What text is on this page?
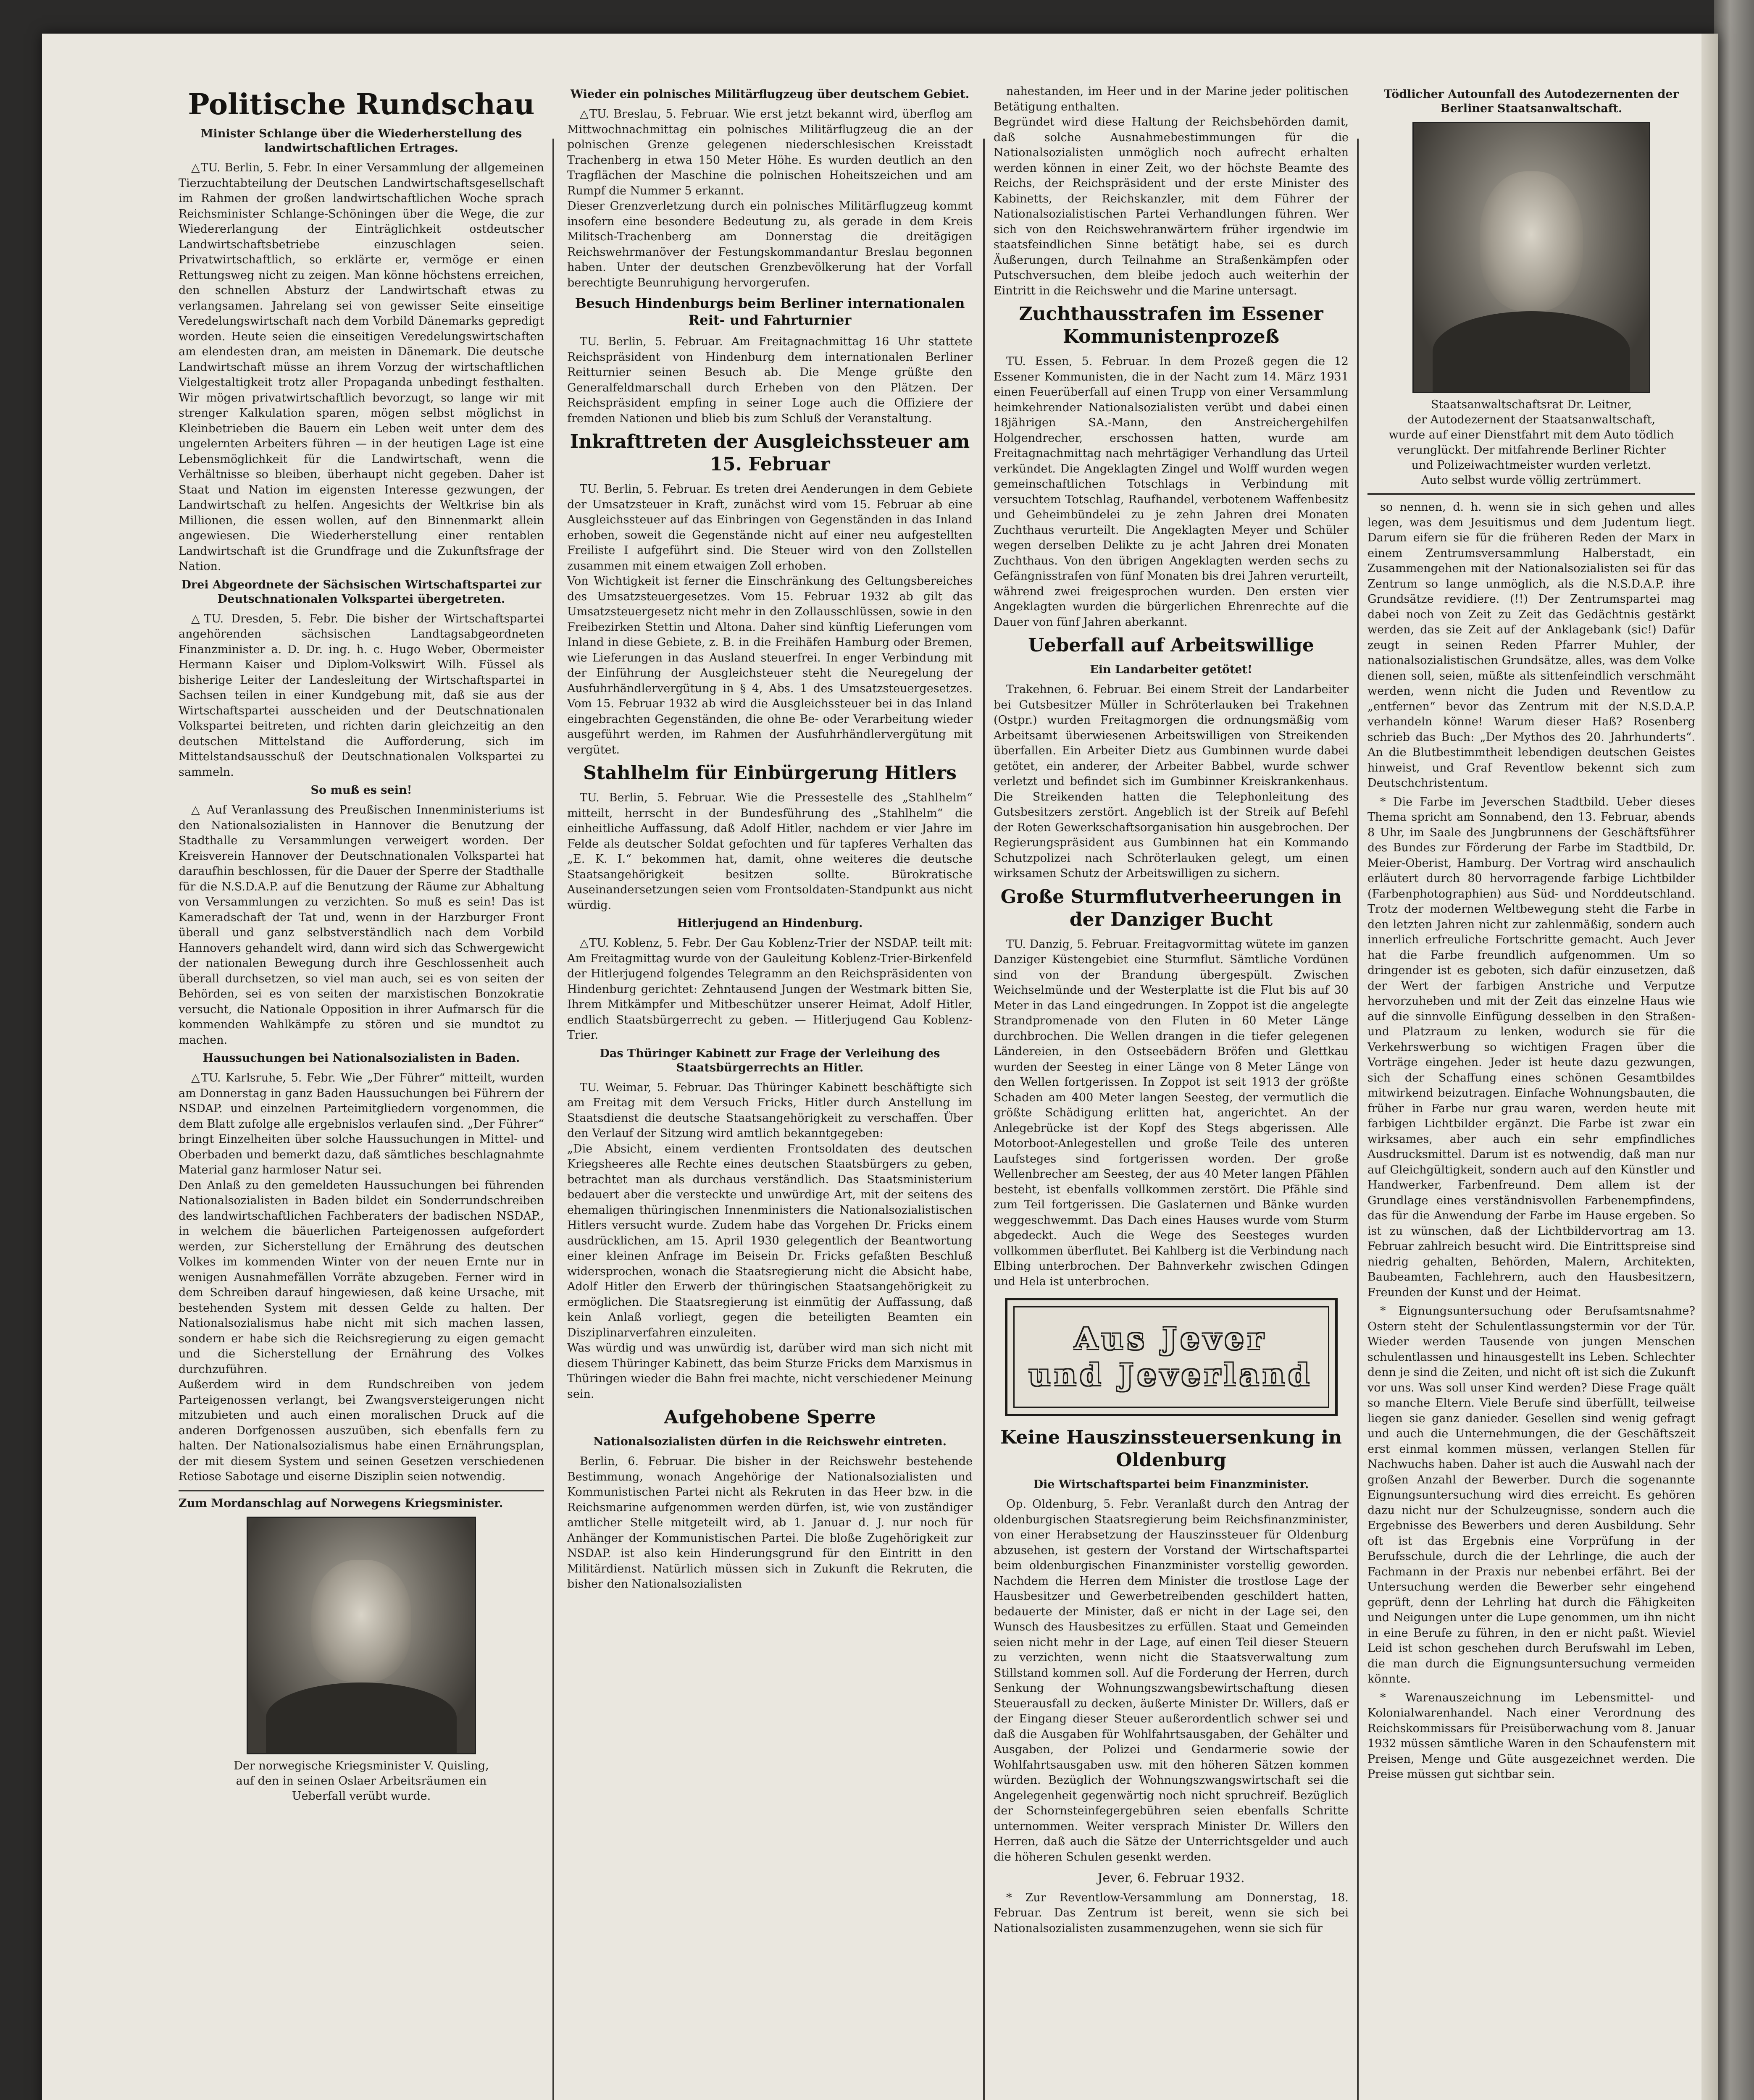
Politische Rundschau
Minister Schlange über die Wiederherstellung des landwirtschaftlichen Ertrages.
△TU. Berlin, 5. Febr. In einer Versammlung der allgemeinen Tierzuchtabteilung der Deutschen Landwirtschaftsgesellschaft im Rahmen der großen landwirtschaftlichen Woche sprach Reichsminister Schlange-Schöningen über die Wege, die zur Wiedererlangung der Einträglichkeit ostdeutscher Landwirtschaftsbetriebe einzuschlagen seien. Privatwirtschaftlich, so erklärte er, vermöge er einen Rettungsweg nicht zu zeigen. Man könne höchstens erreichen, den schnellen Absturz der Landwirtschaft etwas zu verlangsamen. Jahrelang sei von gewisser Seite einseitige Veredelungswirtschaft nach dem Vorbild Dänemarks gepredigt worden. Heute seien die einseitigen Veredelungswirtschaften am elendesten dran, am meisten in Dänemark. Die deutsche Landwirtschaft müsse an ihrem Vorzug der wirtschaftlichen Vielgestaltigkeit trotz aller Propaganda unbedingt festhalten. Wir mögen privatwirtschaftlich bevorzugt, so lange wir mit strenger Kalkulation sparen, mögen selbst möglichst in Kleinbetrieben die Bauern ein Leben weit unter dem des ungelernten Arbeiters führen — in der heutigen Lage ist eine Lebensmöglichkeit für die Landwirtschaft, wenn die Verhältnisse so bleiben, überhaupt nicht gegeben. Daher ist Staat und Nation im eigensten Interesse gezwungen, der Landwirtschaft zu helfen. Angesichts der Weltkrise bin als Millionen, die essen wollen, auf den Binnenmarkt allein angewiesen. Die Wiederherstellung einer rentablen Landwirtschaft ist die Grundfrage und die Zukunftsfrage der Nation.
Drei Abgeordnete der Sächsischen Wirtschaftspartei zur Deutschnationalen Volkspartei übergetreten.
△TU. Dresden, 5. Febr. Die bisher der Wirtschaftspartei angehörenden sächsischen Landtagsabgeordneten Finanzminister a. D. Dr. ing. h. c. Hugo Weber, Obermeister Hermann Kaiser und Diplom-Volkswirt Wilh. Füssel als bisherige Leiter der Landesleitung der Wirtschaftspartei in Sachsen teilen in einer Kundgebung mit, daß sie aus der Wirtschaftspartei ausscheiden und der Deutschnationalen Volkspartei beitreten, und richten darin gleichzeitig an den deutschen Mittelstand die Aufforderung, sich im Mittelstandsausschuß der Deutschnationalen Volkspartei zu sammeln.
So muß es sein!
△ Auf Veranlassung des Preußischen Innenministeriums ist den Nationalsozialisten in Hannover die Benutzung der Stadthalle zu Versammlungen verweigert worden. Der Kreisverein Hannover der Deutschnationalen Volkspartei hat daraufhin beschlossen, für die Dauer der Sperre der Stadthalle für die N.S.D.A.P. auf die Benutzung der Räume zur Abhaltung von Versammlungen zu verzichten. So muß es sein! Das ist Kameradschaft der Tat und, wenn in der Harzburger Front überall und ganz selbstverständlich nach dem Vorbild Hannovers gehandelt wird, dann wird sich das Schwergewicht der nationalen Bewegung durch ihre Geschlossenheit auch überall durchsetzen, so viel man auch, sei es von seiten der Behörden, sei es von seiten der marxistischen Bonzokratie versucht, die Nationale Opposition in ihrer Aufmarsch für die kommenden Wahlkämpfe zu stören und sie mundtot zu machen.
Haussuchungen bei Nationalsozialisten in Baden.
△TU. Karlsruhe, 5. Febr. Wie „Der Führer“ mitteilt, wurden am Donnerstag in ganz Baden Haussuchungen bei Führern der NSDAP. und einzelnen Parteimitgliedern vorgenommen, die dem Blatt zufolge alle ergebnislos verlaufen sind. „Der Führer“ bringt Einzelheiten über solche Haussuchungen in Mittel- und Oberbaden und bemerkt dazu, daß sämtliches beschlagnahmte Material ganz harmloser Natur sei.
Den Anlaß zu den gemeldeten Haussuchungen bei führenden Nationalsozialisten in Baden bildet ein Sonderrundschreiben des landwirtschaftlichen Fachberaters der badischen NSDAP., in welchem die bäuerlichen Parteigenossen aufgefordert werden, zur Sicherstellung der Ernährung des deutschen Volkes im kommenden Winter von der neuen Ernte nur in wenigen Ausnahmefällen Vorräte abzugeben. Ferner wird in dem Schreiben darauf hingewiesen, daß keine Ursache, mit bestehenden System mit dessen Gelde zu halten. Der Nationalsozialismus habe nicht mit sich machen lassen, sondern er habe sich die Reichsregierung zu eigen gemacht und die Sicherstellung der Ernährung des Volkes durchzuführen.
Außerdem wird in dem Rundschreiben von jedem Parteigenossen verlangt, bei Zwangsversteigerungen nicht mitzubieten und auch einen moralischen Druck auf die anderen Dorfgenossen auszuüben, sich ebenfalls fern zu halten. Der Nationalsozialismus habe einen Ernährungsplan, der mit diesem System und seinen Gesetzen verschiedenen Retiose Sabotage und eiserne Disziplin seien notwendig.
Zum Mordanschlag auf Norwegens Kriegsminister.
Der norwegische Kriegsminister V. Quisling,
auf den in seinen Oslaer Arbeitsräumen ein
Ueberfall verübt wurde.
Wieder ein polnisches Militärflugzeug über deutschem Gebiet.
△TU. Breslau, 5. Februar. Wie erst jetzt bekannt wird, überflog am Mittwochnachmittag ein polnisches Militärflugzeug die an der polnischen Grenze gelegenen niederschlesischen Kreisstadt Trachenberg in etwa 150 Meter Höhe. Es wurden deutlich an den Tragflächen der Maschine die polnischen Hoheitszeichen und am Rumpf die Nummer 5 erkannt.
Dieser Grenzverletzung durch ein polnisches Militärflugzeug kommt insofern eine besondere Bedeutung zu, als gerade in dem Kreis Militsch-Trachenberg am Donnerstag die dreitägigen Reichswehrmanöver der Festungskommandantur Breslau begonnen haben. Unter der deutschen Grenzbevölkerung hat der Vorfall berechtigte Beunruhigung hervorgerufen.
Besuch Hindenburgs beim Berliner internationalen Reit- und Fahrturnier
TU. Berlin, 5. Februar. Am Freitagnachmittag 16 Uhr stattete Reichspräsident von Hindenburg dem internationalen Berliner Reitturnier seinen Besuch ab. Die Menge grüßte den Generalfeldmarschall durch Erheben von den Plätzen. Der Reichspräsident empfing in seiner Loge auch die Offiziere der fremden Nationen und blieb bis zum Schluß der Veranstaltung.
Inkrafttreten der Ausgleichssteuer am 15. Februar
TU. Berlin, 5. Februar. Es treten drei Aenderungen in dem Gebiete der Umsatzsteuer in Kraft, zunächst wird vom 15. Februar ab eine Ausgleichssteuer auf das Einbringen von Gegenständen in das Inland erhoben, soweit die Gegenstände nicht auf einer neu aufgestellten Freiliste I aufgeführt sind. Die Steuer wird von den Zollstellen zusammen mit einem etwaigen Zoll erhoben.
Von Wichtigkeit ist ferner die Einschränkung des Geltungsbereiches des Umsatzsteuergesetzes. Vom 15. Februar 1932 ab gilt das Umsatzsteuergesetz nicht mehr in den Zollausschlüssen, sowie in den Freibezirken Stettin und Altona. Daher sind künftig Lieferungen vom Inland in diese Gebiete, z. B. in die Freihäfen Hamburg oder Bremen, wie Lieferungen in das Ausland steuerfrei. In enger Verbindung mit der Einführung der Ausgleichsteuer steht die Neuregelung der Ausfuhrhändlervergütung in § 4, Abs. 1 des Umsatzsteuergesetzes. Vom 15. Februar 1932 ab wird die Ausgleichssteuer bei in das Inland eingebrachten Gegenständen, die ohne Be- oder Verarbeitung wieder ausgeführt werden, im Rahmen der Ausfuhrhändlervergütung mit vergütet.
Stahlhelm für Einbürgerung Hitlers
TU. Berlin, 5. Februar. Wie die Pressestelle des „Stahlhelm“ mitteilt, herrscht in der Bundesführung des „Stahlhelm“ die einheitliche Auffassung, daß Adolf Hitler, nachdem er vier Jahre im Felde als deutscher Soldat gefochten und für tapferes Verhalten das „E. K. I.“ bekommen hat, damit, ohne weiteres die deutsche Staatsangehörigkeit besitzen sollte. Bürokratische Auseinandersetzungen seien vom Frontsoldaten-Standpunkt aus nicht würdig.
Hitlerjugend an Hindenburg.
△TU. Koblenz, 5. Febr. Der Gau Koblenz-Trier der NSDAP. teilt mit: Am Freitagmittag wurde von der Gauleitung Koblenz-Trier-Birkenfeld der Hitlerjugend folgendes Telegramm an den Reichspräsidenten von Hindenburg gerichtet: Zehntausend Jungen der Westmark bitten Sie, Ihrem Mitkämpfer und Mitbeschützer unserer Heimat, Adolf Hitler, endlich Staatsbürgerrecht zu geben. — Hitlerjugend Gau Koblenz-Trier.
Das Thüringer Kabinett zur Frage der Verleihung des Staatsbürgerrechts an Hitler.
TU. Weimar, 5. Februar. Das Thüringer Kabinett beschäftigte sich am Freitag mit dem Versuch Fricks, Hitler durch Anstellung im Staatsdienst die deutsche Staatsangehörigkeit zu verschaffen. Über den Verlauf der Sitzung wird amtlich bekanntgegeben:
„Die Absicht, einem verdienten Frontsoldaten des deutschen Kriegsheeres alle Rechte eines deutschen Staatsbürgers zu geben, betrachtet man als durchaus verständlich. Das Staatsministerium bedauert aber die versteckte und unwürdige Art, mit der seitens des ehemaligen thüringischen Innenministers die Nationalsozialistischen Hitlers versucht wurde. Zudem habe das Vorgehen Dr. Fricks einem ausdrücklichen, am 15. April 1930 gelegentlich der Beantwortung einer kleinen Anfrage im Beisein Dr. Fricks gefaßten Beschluß widersprochen, wonach die Staatsregierung nicht die Absicht habe, Adolf Hitler den Erwerb der thüringischen Staatsangehörigkeit zu ermöglichen. Die Staatsregierung ist einmütig der Auffassung, daß kein Anlaß vorliegt, gegen die beteiligten Beamten ein Disziplinarverfahren einzuleiten.
Was würdig und was unwürdig ist, darüber wird man sich nicht mit diesem Thüringer Kabinett, das beim Sturze Fricks dem Marxismus in Thüringen wieder die Bahn frei machte, nicht verschiedener Meinung sein.
Aufgehobene Sperre
Nationalsozialisten dürfen in die Reichswehr eintreten.
Berlin, 6. Februar. Die bisher in der Reichswehr bestehende Bestimmung, wonach Angehörige der Nationalsozialisten und Kommunistischen Partei nicht als Rekruten in das Heer bzw. in die Reichsmarine aufgenommen werden dürfen, ist, wie von zuständiger amtlicher Stelle mitgeteilt wird, ab 1. Januar d. J. nur noch für Anhänger der Kommunistischen Partei. Die bloße Zugehörigkeit zur NSDAP. ist also kein Hinderungsgrund für den Eintritt in den Militärdienst. Natürlich müssen sich in Zukunft die Rekruten, die bisher den Nationalsozialisten
nahestanden, im Heer und in der Marine jeder politischen Betätigung enthalten.
Begründet wird diese Haltung der Reichsbehörden damit, daß solche Ausnahmebestimmungen für die Nationalsozialisten unmöglich noch aufrecht erhalten werden können in einer Zeit, wo der höchste Beamte des Reichs, der Reichspräsident und der erste Minister des Kabinetts, der Reichskanzler, mit dem Führer der Nationalsozialistischen Partei Verhandlungen führen. Wer sich von den Reichswehranwärtern früher irgendwie im staatsfeindlichen Sinne betätigt habe, sei es durch Äußerungen, durch Teilnahme an Straßenkämpfen oder Putschversuchen, dem bleibe jedoch auch weiterhin der Eintritt in die Reichswehr und die Marine untersagt.
Zuchthausstrafen im Essener Kommunistenprozeß
TU. Essen, 5. Februar. In dem Prozeß gegen die 12 Essener Kommunisten, die in der Nacht zum 14. März 1931 einen Feuerüberfall auf einen Trupp von einer Versammlung heimkehrender Nationalsozialisten verübt und dabei einen 18jährigen SA.-Mann, den Anstreichergehilfen Holgendrecher, erschossen hatten, wurde am Freitagnachmittag nach mehrtägiger Verhandlung das Urteil verkündet. Die Angeklagten Zingel und Wolff wurden wegen gemeinschaftlichen Totschlags in Verbindung mit versuchtem Totschlag, Raufhandel, verbotenem Waffenbesitz und Geheimbündelei zu je zehn Jahren drei Monaten Zuchthaus verurteilt. Die Angeklagten Meyer und Schüler wegen derselben Delikte zu je acht Jahren drei Monaten Zuchthaus. Von den übrigen Angeklagten werden sechs zu Gefängnisstrafen von fünf Monaten bis drei Jahren verurteilt, während zwei freigesprochen wurden. Den ersten vier Angeklagten wurden die bürgerlichen Ehrenrechte auf die Dauer von fünf Jahren aberkannt.
Ueberfall auf Arbeitswillige
Ein Landarbeiter getötet!
Trakehnen, 6. Februar. Bei einem Streit der Landarbeiter bei Gutsbesitzer Müller in Schröterlauken bei Trakehnen (Ostpr.) wurden Freitagmorgen die ordnungsmäßig vom Arbeitsamt überwiesenen Arbeitswilligen von Streikenden überfallen. Ein Arbeiter Dietz aus Gumbinnen wurde dabei getötet, ein anderer, der Arbeiter Babbel, wurde schwer verletzt und befindet sich im Gumbinner Kreiskrankenhaus. Die Streikenden hatten die Telephonleitung des Gutsbesitzers zerstört. Angeblich ist der Streik auf Befehl der Roten Gewerkschaftsorganisation hin ausgebrochen. Der Regierungspräsident aus Gumbinnen hat ein Kommando Schutzpolizei nach Schröterlauken gelegt, um einen wirksamen Schutz der Arbeitswilligen zu sichern.
Große Sturmflutverheerungen in der Danziger Bucht
TU. Danzig, 5. Februar. Freitagvormittag wütete im ganzen Danziger Küstengebiet eine Sturmflut. Sämtliche Vordünen sind von der Brandung übergespült. Zwischen Weichselmünde und der Westerplatte ist die Flut bis auf 30 Meter in das Land eingedrungen. In Zoppot ist die angelegte Strandpromenade von den Fluten in 60 Meter Länge durchbrochen. Die Wellen drangen in die tiefer gelegenen Ländereien, in den Ostseebädern Bröfen und Glettkau wurden der Seesteg in einer Länge von 8 Meter Länge von den Wellen fortgerissen. In Zoppot ist seit 1913 der größte Schaden am 400 Meter langen Seesteg, der vermutlich die größte Schädigung erlitten hat, angerichtet. An der Anlegebrücke ist der Kopf des Stegs abgerissen. Alle Motorboot-Anlegestellen und große Teile des unteren Laufsteges sind fortgerissen worden. Der große Wellenbrecher am Seesteg, der aus 40 Meter langen Pfählen besteht, ist ebenfalls vollkommen zerstört. Die Pfähle sind zum Teil fortgerissen. Die Gaslaternen und Bänke wurden weggeschwemmt. Das Dach eines Hauses wurde vom Sturm abgedeckt. Auch die Wege des Seesteges wurden vollkommen überflutet. Bei Kahlberg ist die Verbindung nach Elbing unterbrochen. Der Bahnverkehr zwischen Gdingen und Hela ist unterbrochen.
Aus Jever
und Jeverland
Keine Hauszinssteuersenkung in Oldenburg
Die Wirtschaftspartei beim Finanzminister.
Op. Oldenburg, 5. Febr. Veranlaßt durch den Antrag der oldenburgischen Staatsregierung beim Reichsfinanzminister, von einer Herabsetzung der Hauszinssteuer für Oldenburg abzusehen, ist gestern der Vorstand der Wirtschaftspartei beim oldenburgischen Finanzminister vorstellig geworden. Nachdem die Herren dem Minister die trostlose Lage der Hausbesitzer und Gewerbetreibenden geschildert hatten, bedauerte der Minister, daß er nicht in der Lage sei, den Wunsch des Hausbesitzes zu erfüllen. Staat und Gemeinden seien nicht mehr in der Lage, auf einen Teil dieser Steuern zu verzichten, wenn nicht die Staatsverwaltung zum Stillstand kommen soll. Auf die Forderung der Herren, durch Senkung der Wohnungszwangsbewirtschaftung diesen Steuerausfall zu decken, äußerte Minister Dr. Willers, daß er der Eingang dieser Steuer außerordentlich schwer sei und daß die Ausgaben für Wohlfahrtsausgaben, der Gehälter und Ausgaben, der Polizei und Gendarmerie sowie der Wohlfahrtsausgaben usw. mit den höheren Sätzen kommen würden. Bezüglich der Wohnungszwangswirtschaft sei die Angelegenheit gegenwärtig noch nicht spruchreif. Bezüglich der Schornsteinfegergebühren seien ebenfalls Schritte unternommen. Weiter versprach Minister Dr. Willers den Herren, daß auch die Sätze der Unterrichtsgelder und auch die höheren Schulen gesenkt werden.
Jever, 6. Februar 1932.
* Zur Reventlow-Versammlung am Donnerstag, 18. Februar. Das Zentrum ist bereit, wenn sie sich bei Nationalsozialisten zusammenzugehen, wenn sie sich für
Tödlicher Autounfall des Autodezernenten der Berliner Staatsanwaltschaft.
Staatsanwaltschaftsrat Dr. Leitner,
der Autodezernent der Staatsanwaltschaft,
wurde auf einer Dienstfahrt mit dem Auto tödlich
verunglückt. Der mitfahrende Berliner Richter
und Polizeiwachtmeister wurden verletzt.
Auto selbst wurde völlig zertrümmert.
so nennen, d. h. wenn sie in sich gehen und alles legen, was dem Jesuitismus und dem Judentum liegt. Darum eifern sie für die früheren Reden der Marx in einem Zentrumsversammlung Halberstadt, ein Zusammengehen mit der Nationalsozialisten sei für das Zentrum so lange unmöglich, als die N.S.D.A.P. ihre Grundsätze revidiere. (!!) Der Zentrumspartei mag dabei noch von Zeit zu Zeit das Gedächtnis gestärkt werden, das sie Zeit auf der Anklagebank (sic!) Dafür zeugt in seinen Reden Pfarrer Muhler, der nationalsozialistischen Grundsätze, alles, was dem Volke dienen soll, seien, müßte als sittenfeindlich verschmäht werden, wenn nicht die Juden und Reventlow zu „entfernen“ bevor das Zentrum mit der N.S.D.A.P. verhandeln könne! Warum dieser Haß? Rosenberg schrieb das Buch: „Der Mythos des 20. Jahrhunderts“. An die Blutbestimmtheit lebendigen deutschen Geistes hinweist, und Graf Reventlow bekennt sich zum Deutschchristentum.
* Die Farbe im Jeverschen Stadtbild. Ueber dieses Thema spricht am Sonnabend, den 13. Februar, abends 8 Uhr, im Saale des Jungbrunnens der Geschäftsführer des Bundes zur Förderung der Farbe im Stadtbild, Dr. Meier-Oberist, Hamburg. Der Vortrag wird anschaulich erläutert durch 80 hervorragende farbige Lichtbilder (Farbenphotographien) aus Süd- und Norddeutschland. Trotz der modernen Weltbewegung steht die Farbe in den letzten Jahren nicht zur zahlenmäßig, sondern auch innerlich erfreuliche Fortschritte gemacht. Auch Jever hat die Farbe freundlich aufgenommen. Um so dringender ist es geboten, sich dafür einzusetzen, daß der Wert der farbigen Anstriche und Verputze hervorzuheben und mit der Zeit das einzelne Haus wie auf die sinnvolle Einfügung desselben in den Straßen- und Platzraum zu lenken, wodurch sie für die Verkehrswerbung so wichtigen Fragen über die Vorträge eingehen. Jeder ist heute dazu gezwungen, sich der Schaffung eines schönen Gesamtbildes mitwirkend beizutragen. Einfache Wohnungsbauten, die früher in Farbe nur grau waren, werden heute mit farbigen Lichtbilder ergänzt. Die Farbe ist zwar ein wirksames, aber auch ein sehr empfindliches Ausdrucksmittel. Darum ist es notwendig, daß man nur auf Gleichgültigkeit, sondern auch auf den Künstler und Handwerker, Farbenfreund. Dem allem ist der Grundlage eines verständnisvollen Farbenempfindens, das für die Anwendung der Farbe im Hause ergeben. So ist zu wünschen, daß der Lichtbildervortrag am 13. Februar zahlreich besucht wird. Die Eintrittspreise sind niedrig gehalten, Behörden, Malern, Architekten, Baubeamten, Fachlehrern, auch den Hausbesitzern, Freunden der Kunst und der Heimat.
* Eignungsuntersuchung oder Berufsamtsnahme? Ostern steht der Schulentlassungstermin vor der Tür. Wieder werden Tausende von jungen Menschen schulentlassen und hinausgestellt ins Leben. Schlechter denn je sind die Zeiten, und nicht oft ist sich die Zukunft vor uns. Was soll unser Kind werden? Diese Frage quält so manche Eltern. Viele Berufe sind überfüllt, teilweise liegen sie ganz danieder. Gesellen sind wenig gefragt und auch die Unternehmungen, die der Geschäftszeit erst einmal kommen müssen, verlangen Stellen für Nachwuchs haben. Daher ist auch die Auswahl nach der großen Anzahl der Bewerber. Durch die sogenannte Eignungsuntersuchung wird dies erreicht. Es gehören dazu nicht nur der Schulzeugnisse, sondern auch die Ergebnisse des Bewerbers und deren Ausbildung. Sehr oft ist das Ergebnis eine Vorprüfung in der Berufsschule, durch die der Lehrlinge, die auch der Fachmann in der Praxis nur nebenbei erfährt. Bei der Untersuchung werden die Bewerber sehr eingehend geprüft, denn der Lehrling hat durch die Fähigkeiten und Neigungen unter die Lupe genommen, um ihn nicht in eine Berufe zu führen, in den er nicht paßt. Wieviel Leid ist schon geschehen durch Berufswahl im Leben, die man durch die Eignungsuntersuchung vermeiden könnte.
* Warenauszeichnung im Lebensmittel- und Kolonialwarenhandel. Nach einer Verordnung des Reichskommissars für Preisüberwachung vom 8. Januar 1932 müssen sämtliche Waren in den Schaufenstern mit Preisen, Menge und Güte ausgezeichnet werden. Die Preise müssen gut sichtbar sein.
